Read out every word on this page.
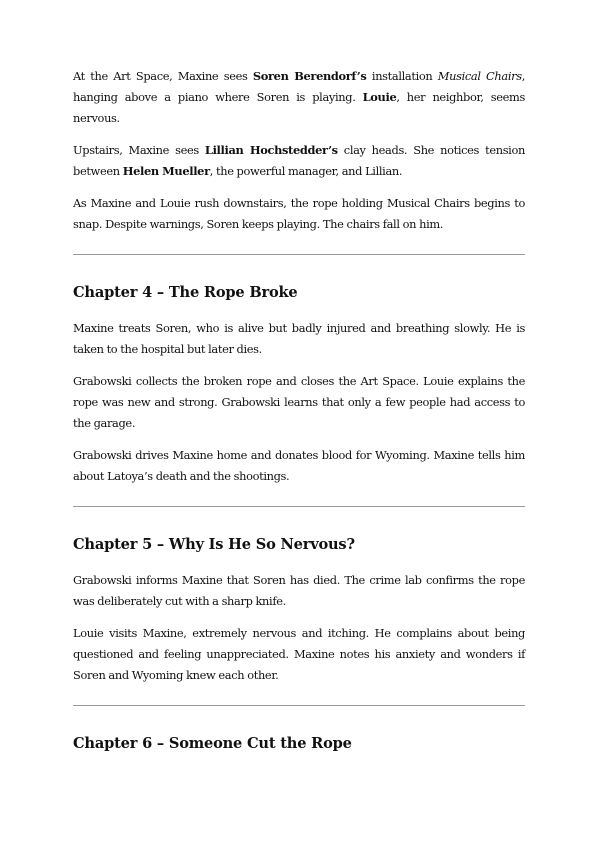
At the Art Space, Maxine sees Soren Berendorf’s installation Musical Chairs, hanging above a piano where Soren is playing. Louie, her neighbor, seems nervous.

Upstairs, Maxine sees Lillian Hochstedder’s clay heads. She notices tension between Helen Mueller, the powerful manager, and Lillian.

As Maxine and Louie rush downstairs, the rope holding Musical Chairs begins to snap. Despite warnings, Soren keeps playing. The chairs fall on him.

Chapter 4 – The Rope Broke

Maxine treats Soren, who is alive but badly injured and breathing slowly. He is taken to the hospital but later dies.

Grabowski collects the broken rope and closes the Art Space. Louie explains the rope was new and strong. Grabowski learns that only a few people had access to the garage.

Grabowski drives Maxine home and donates blood for Wyoming. Maxine tells him about Latoya’s death and the shootings.

Chapter 5 – Why Is He So Nervous?

Grabowski informs Maxine that Soren has died. The crime lab confirms the rope was deliberately cut with a sharp knife.

Louie visits Maxine, extremely nervous and itching. He complains about being questioned and feeling unappreciated. Maxine notes his anxiety and wonders if Soren and Wyoming knew each other.

Chapter 6 – Someone Cut the Rope
